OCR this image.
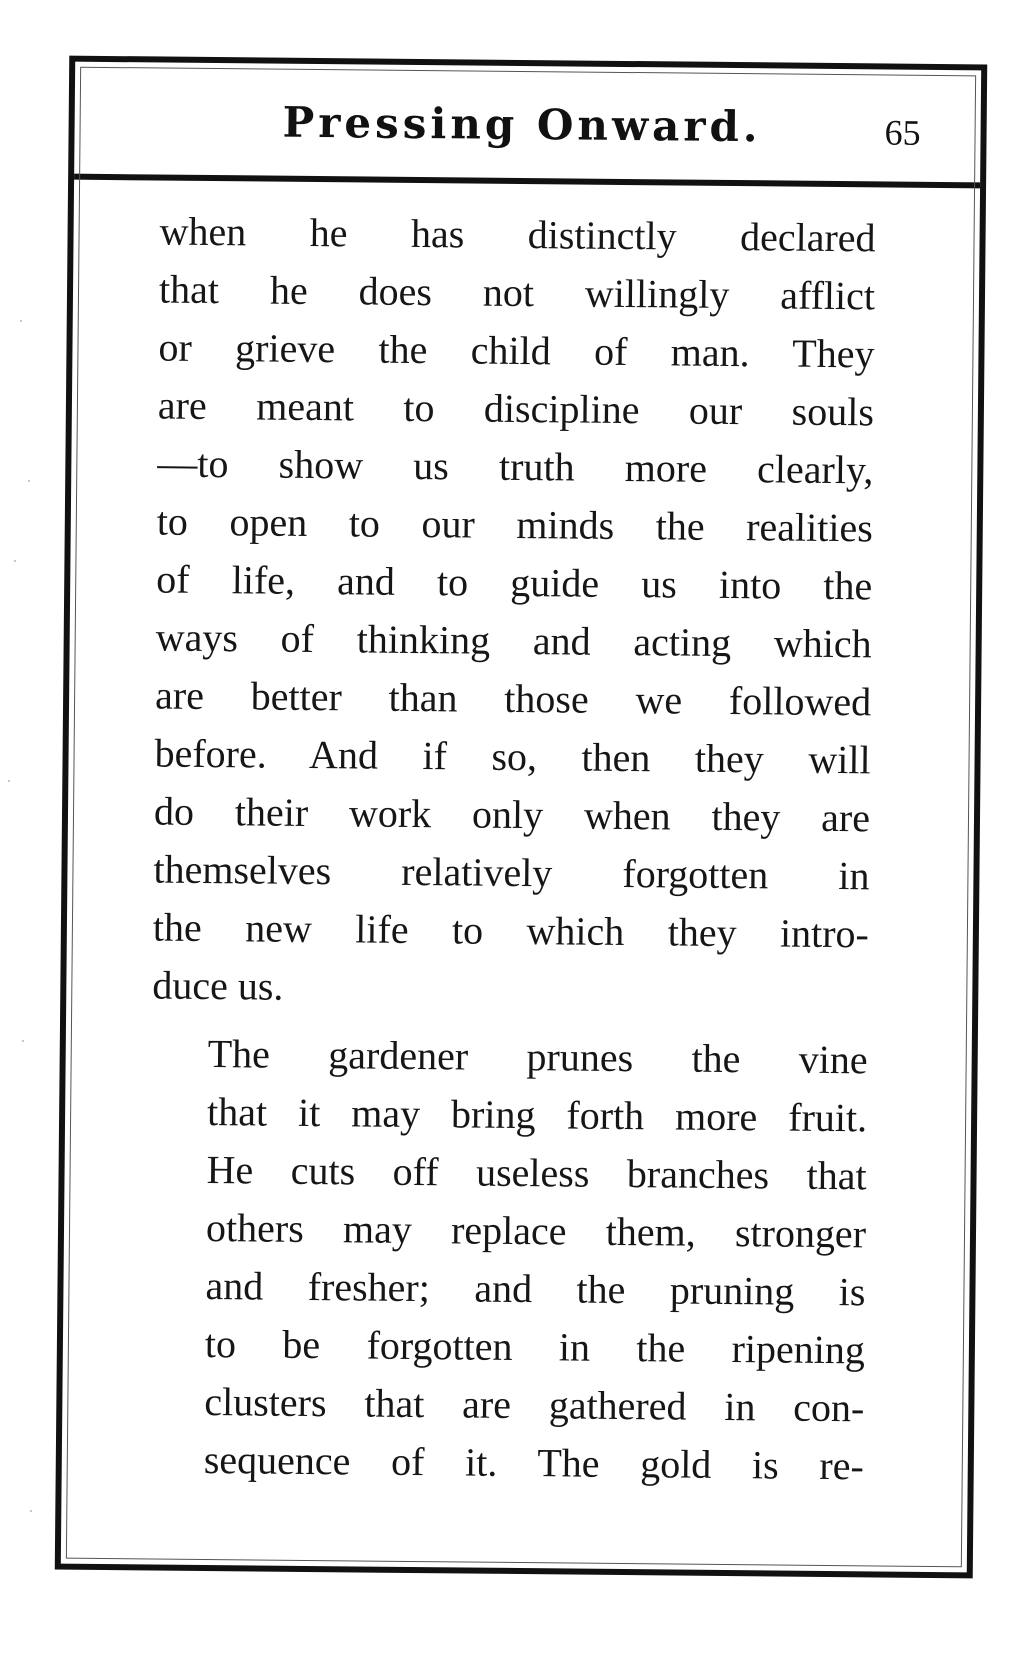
Pressing Onward.	65

when he has distinctly declared
that he does not willingly afflict
or grieve the child of man. They
are meant to discipline our souls
—to show us truth more clearly,
to open to our minds the realities
of life, and to guide us into the
ways of thinking and acting which
are better than those we followed
before. And if so, then they will
do their work only when they are
themselves relatively forgotten in
the new life to which they intro-
duce us.

The gardener prunes the vine
that it may bring forth more fruit.
He cuts off useless branches that
others may replace them, stronger
and fresher; and the pruning is
to be forgotten in the ripening
clusters that are gathered in con-
sequence of it. The gold is re-
